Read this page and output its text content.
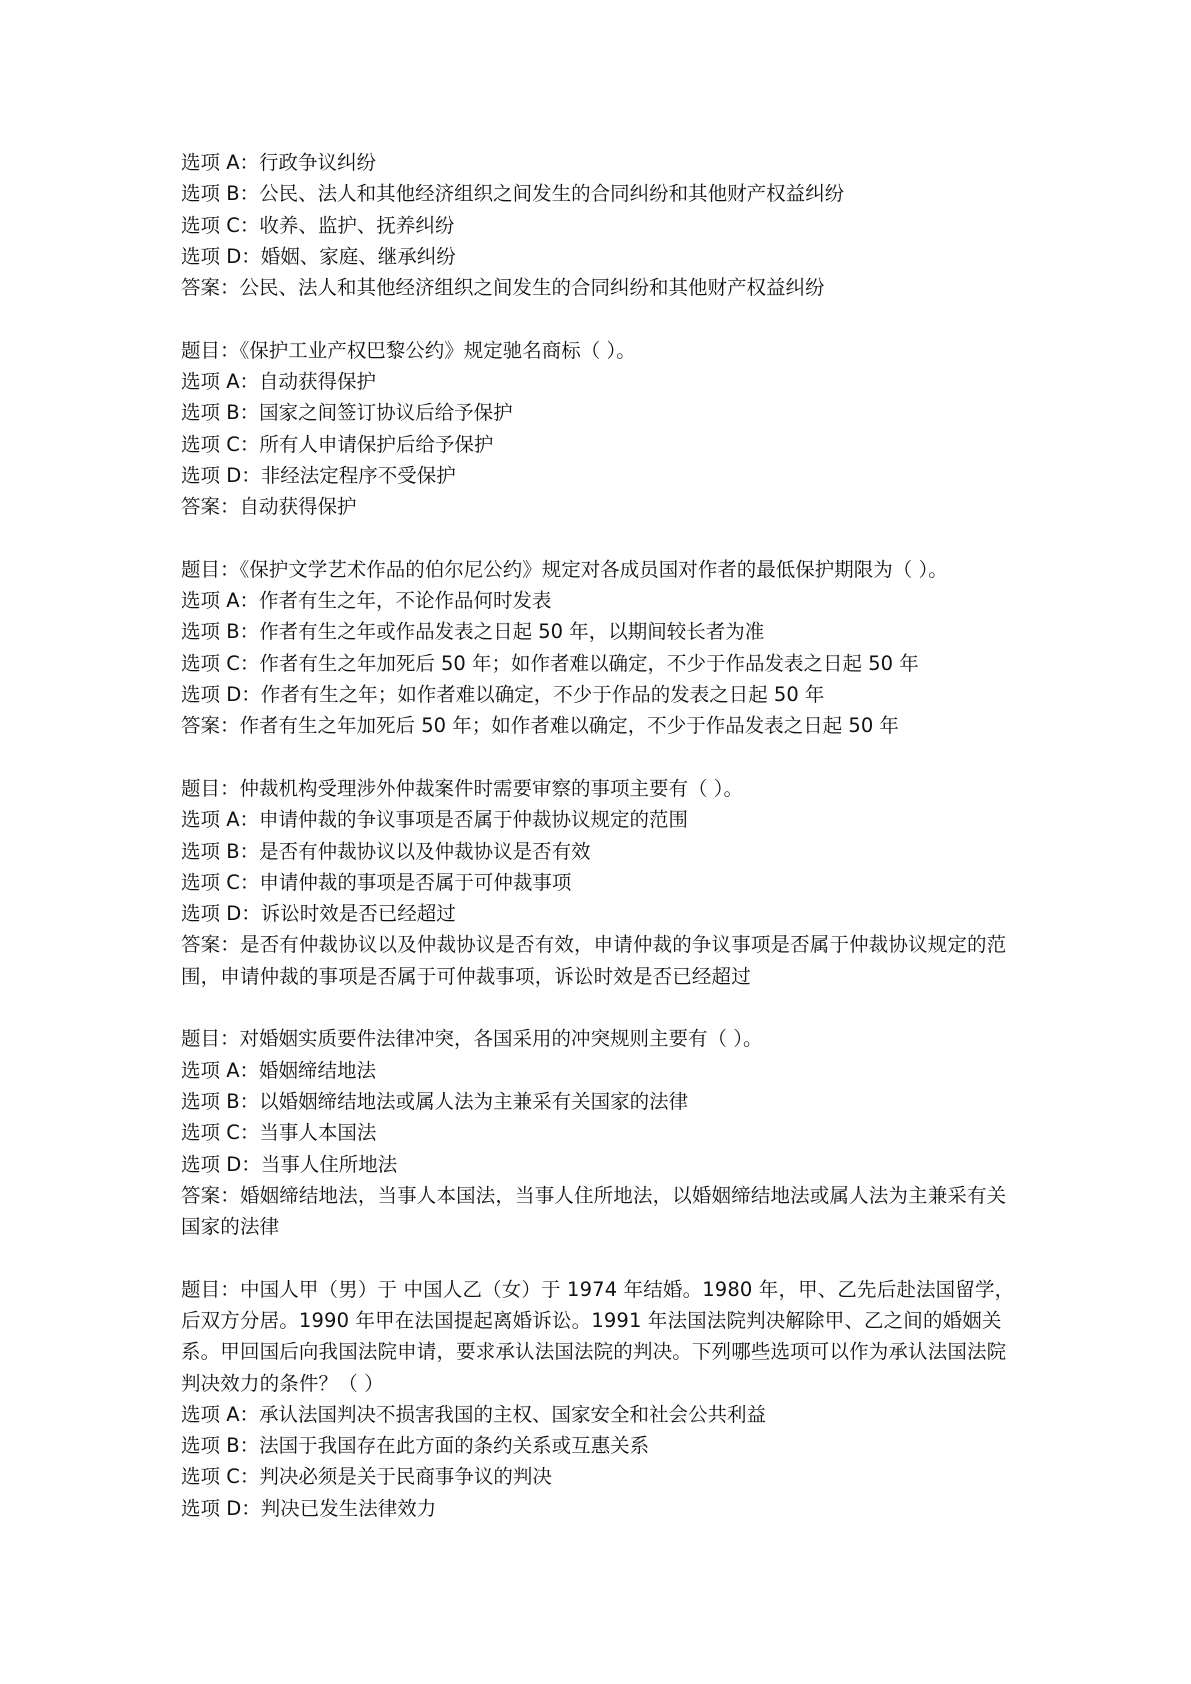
选项 A：行政争议纠纷
选项 B：公民、法人和其他经济组织之间发生的合同纠纷和其他财产权益纠纷
选项 C：收养、监护、抚养纠纷
选项 D：婚姻、家庭、继承纠纷
答案：公民、法人和其他经济组织之间发生的合同纠纷和其他财产权益纠纷
题目：《保护工业产权巴黎公约》规定驰名商标（ ）。
选项 A：自动获得保护
选项 B：国家之间签订协议后给予保护
选项 C：所有人申请保护后给予保护
选项 D：非经法定程序不受保护
答案：自动获得保护
题目：《保护文学艺术作品的伯尔尼公约》规定对各成员国对作者的最低保护期限为（ ）。
选项 A：作者有生之年，不论作品何时发表
选项 B：作者有生之年或作品发表之日起 50 年，以期间较长者为准
选项 C：作者有生之年加死后 50 年；如作者难以确定，不少于作品发表之日起 50 年
选项 D：作者有生之年；如作者难以确定，不少于作品的发表之日起 50 年
答案：作者有生之年加死后 50 年；如作者难以确定，不少于作品发表之日起 50 年
题目：仲裁机构受理涉外仲裁案件时需要审察的事项主要有（ ）。
选项 A：申请仲裁的争议事项是否属于仲裁协议规定的范围
选项 B：是否有仲裁协议以及仲裁协议是否有效
选项 C：申请仲裁的事项是否属于可仲裁事项
选项 D：诉讼时效是否已经超过
答案：是否有仲裁协议以及仲裁协议是否有效，申请仲裁的争议事项是否属于仲裁协议规定的范围，申请仲裁的事项是否属于可仲裁事项，诉讼时效是否已经超过
题目：对婚姻实质要件法律冲突，各国采用的冲突规则主要有（ ）。
选项 A：婚姻缔结地法
选项 B：以婚姻缔结地法或属人法为主兼采有关国家的法律
选项 C：当事人本国法
选项 D：当事人住所地法
答案：婚姻缔结地法，当事人本国法，当事人住所地法，以婚姻缔结地法或属人法为主兼采有关国家的法律
题目：中国人甲（男）于 中国人乙（女）于 1974 年结婚。1980 年，甲、乙先后赴法国留学，后双方分居。1990 年甲在法国提起离婚诉讼。1991 年法国法院判决解除甲、乙之间的婚姻关系。甲回国后向我国法院申请，要求承认法国法院的判决。下列哪些选项可以作为承认法国法院判决效力的条件？（ ）
选项 A：承认法国判决不损害我国的主权、国家安全和社会公共利益
选项 B：法国于我国存在此方面的条约关系或互惠关系
选项 C：判决必须是关于民商事争议的判决
选项 D：判决已发生法律效力
